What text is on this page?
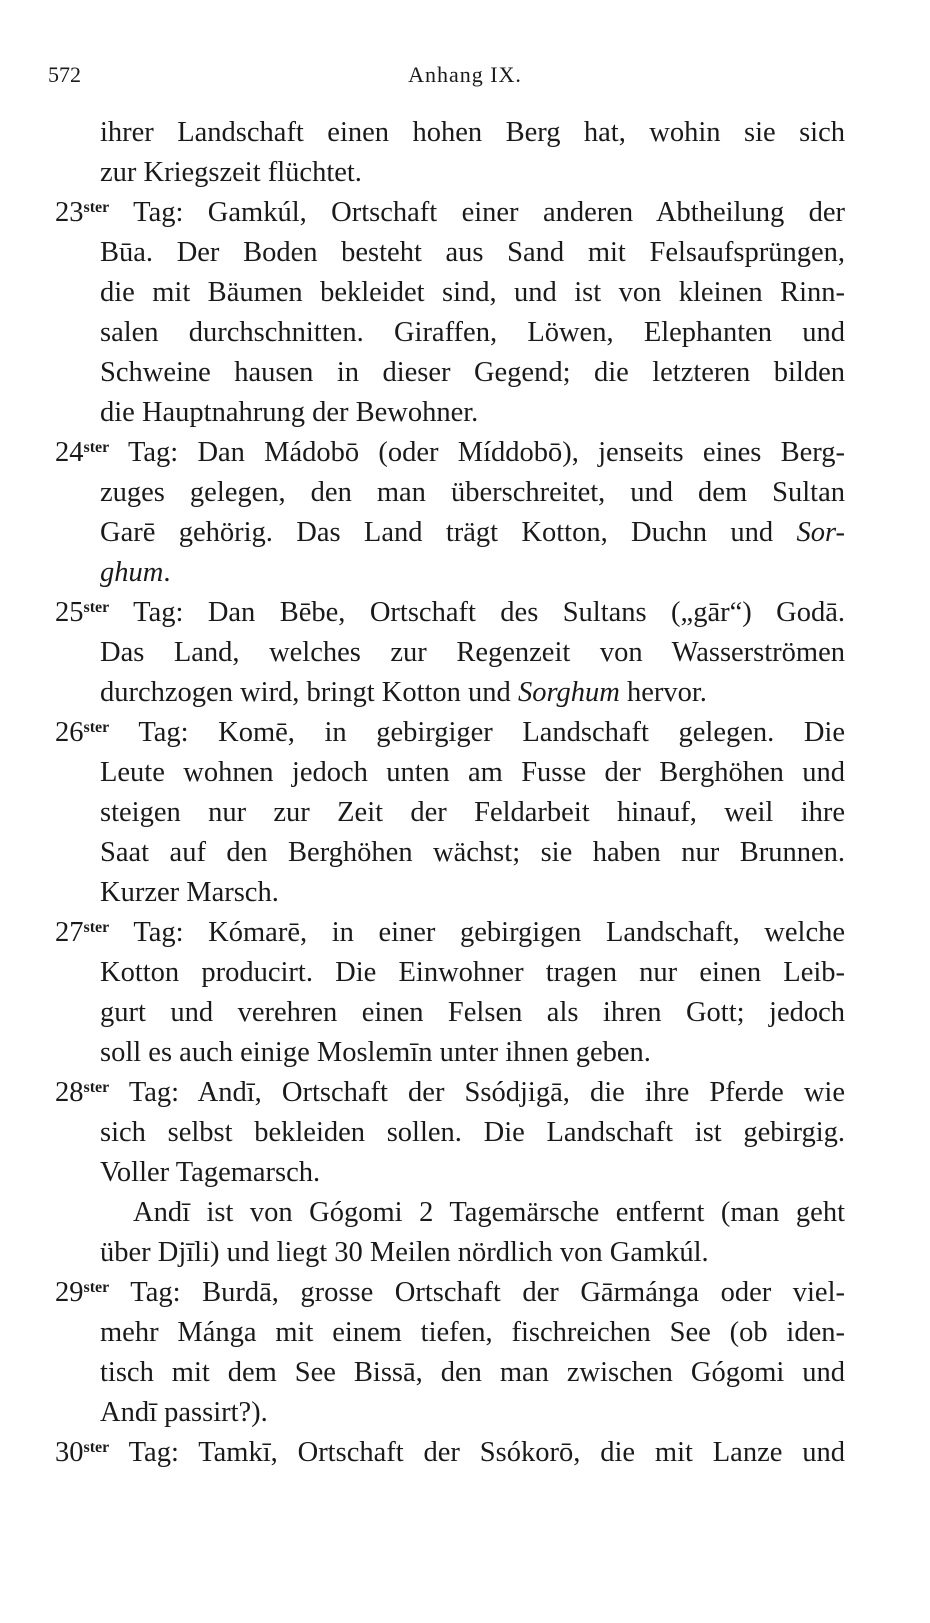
572	Anhang IX.
ihrer Landschaft einen hohen Berg hat, wohin sie sich
zur Kriegszeit flüchtet.
$23^{ster}$ Tag: Gamkúl, Ortschaft einer anderen Abtheilung der
Būa. Der Boden besteht aus Sand mit Felsaufsprüngen,
die mit Bäumen bekleidet sind, und ist von kleinen Rinn-
salen durchschnitten. Giraffen, Löwen, Elephanten und
Schweine hausen in dieser Gegend; die letzteren bilden
die Hauptnahrung der Bewohner.
$24^{ster}$ Tag: Dan Mádobō (oder Míddobō), jenseits eines Berg-
zuges gelegen, den man überschreitet, und dem Sultan
Garē gehörig. Das Land trägt Kotton, Duchn und Sor-
ghum.
$25^{ster}$ Tag: Dan Bēbe, Ortschaft des Sultans („gār“) Godā.
Das Land, welches zur Regenzeit von Wasserströmen
durchzogen wird, bringt Kotton und Sorghum hervor.
$26^{ster}$ Tag: Komē, in gebirgiger Landschaft gelegen. Die
Leute wohnen jedoch unten am Fusse der Berghöhen und
steigen nur zur Zeit der Feldarbeit hinauf, weil ihre
Saat auf den Berghöhen wächst; sie haben nur Brunnen.
Kurzer Marsch.
$27^{ster}$ Tag: Kómarē, in einer gebirgigen Landschaft, welche
Kotton producirt. Die Einwohner tragen nur einen Leib-
gurt und verehren einen Felsen als ihren Gott; jedoch
soll es auch einige Moslemīn unter ihnen geben.
$28^{ster}$ Tag: Andī, Ortschaft der Ssódjigā, die ihre Pferde wie
sich selbst bekleiden sollen. Die Landschaft ist gebirgig.
Voller Tagemarsch.
Andī ist von Gógomi 2 Tagemärsche entfernt (man geht
über Djīli) und liegt 30 Meilen nördlich von Gamkúl.
$29^{ster}$ Tag: Burdā, grosse Ortschaft der Gārmánga oder viel-
mehr Mánga mit einem tiefen, fischreichen See (ob iden-
tisch mit dem See Bissā, den man zwischen Gógomi und
Andī passirt?).
$30^{ster}$ Tag: Tamkī, Ortschaft der Ssókorō, die mit Lanze und
